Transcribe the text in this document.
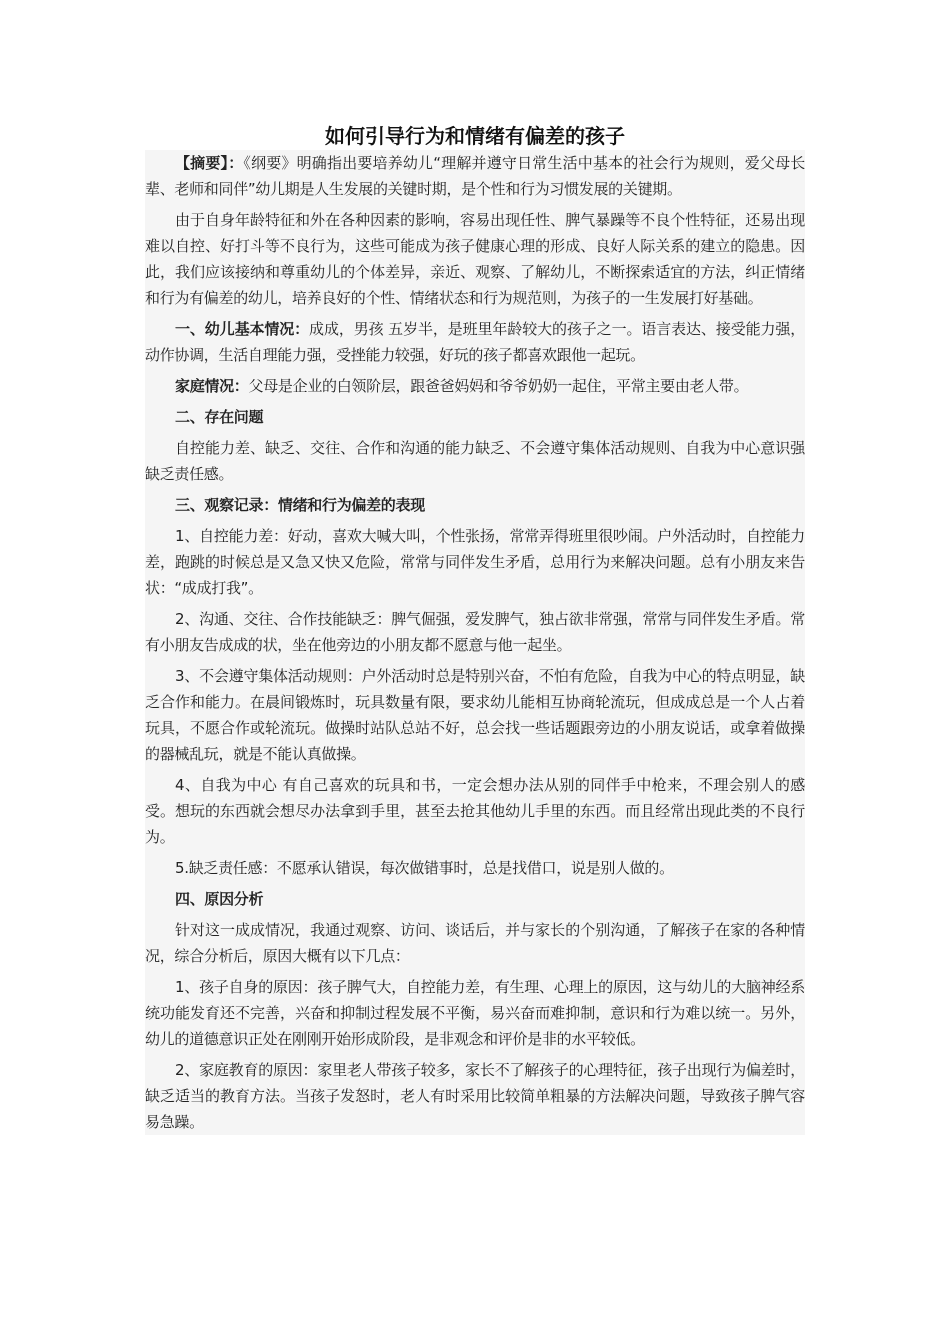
如何引导行为和情绪有偏差的孩子

【摘要】：《纲要》明确指出要培养幼儿“理解并遵守日常生活中基本的社会行为规则，爱父母长辈、老师和同伴”幼儿期是人生发展的关键时期，是个性和行为习惯发展的关键期。

由于自身年龄特征和外在各种因素的影响，容易出现任性、脾气暴躁等不良个性特征，还易出现难以自控、好打斗等不良行为，这些可能成为孩子健康心理的形成、良好人际关系的建立的隐患。因此，我们应该接纳和尊重幼儿的个体差异，亲近、观察、了解幼儿，不断探索适宜的方法，纠正情绪和行为有偏差的幼儿，培养良好的个性、情绪状态和行为规范则，为孩子的一生发展打好基础。

一、幼儿基本情况：成成，男孩 五岁半，是班里年龄较大的孩子之一。语言表达、接受能力强，动作协调，生活自理能力强，受挫能力较强，好玩的孩子都喜欢跟他一起玩。

家庭情况：父母是企业的白领阶层，跟爸爸妈妈和爷爷奶奶一起住，平常主要由老人带。

二、存在问题

自控能力差、缺乏、交往、合作和沟通的能力缺乏、不会遵守集体活动规则、自我为中心意识强 缺乏责任感。

三、观察记录：情绪和行为偏差的表现

1、自控能力差：好动，喜欢大喊大叫，个性张扬，常常弄得班里很吵闹。户外活动时，自控能力差，跑跳的时候总是又急又快又危险，常常与同伴发生矛盾，总用行为来解决问题。总有小朋友来告状：“成成打我”。

2、沟通、交往、合作技能缺乏：脾气倔强，爱发脾气，独占欲非常强，常常与同伴发生矛盾。常有小朋友告成成的状，坐在他旁边的小朋友都不愿意与他一起坐。

3、不会遵守集体活动规则：户外活动时总是特别兴奋，不怕有危险，自我为中心的特点明显，缺乏合作和能力。在晨间锻炼时，玩具数量有限，要求幼儿能相互协商轮流玩，但成成总是一个人占着玩具，不愿合作或轮流玩。做操时站队总站不好，总会找一些话题跟旁边的小朋友说话，或拿着做操的器械乱玩，就是不能认真做操。

4、自我为中心 有自己喜欢的玩具和书，一定会想办法从别的同伴手中枪来，不理会别人的感受。想玩的东西就会想尽办法拿到手里，甚至去抢其他幼儿手里的东西。而且经常出现此类的不良行为。

5.缺乏责任感：不愿承认错误，每次做错事时，总是找借口，说是别人做的。

四、原因分析

针对这一成成情况，我通过观察、访问、谈话后，并与家长的个别沟通，了解孩子在家的各种情况，综合分析后，原因大概有以下几点：

1、孩子自身的原因：孩子脾气大，自控能力差，有生理、心理上的原因，这与幼儿的大脑神经系统功能发育还不完善，兴奋和抑制过程发展不平衡，易兴奋而难抑制，意识和行为难以统一。另外，幼儿的道德意识正处在刚刚开始形成阶段，是非观念和评价是非的水平较低。

2、家庭教育的原因：家里老人带孩子较多，家长不了解孩子的心理特征，孩子出现行为偏差时，缺乏适当的教育方法。当孩子发怒时，老人有时采用比较简单粗暴的方法解决问题，导致孩子脾气容易急躁。
